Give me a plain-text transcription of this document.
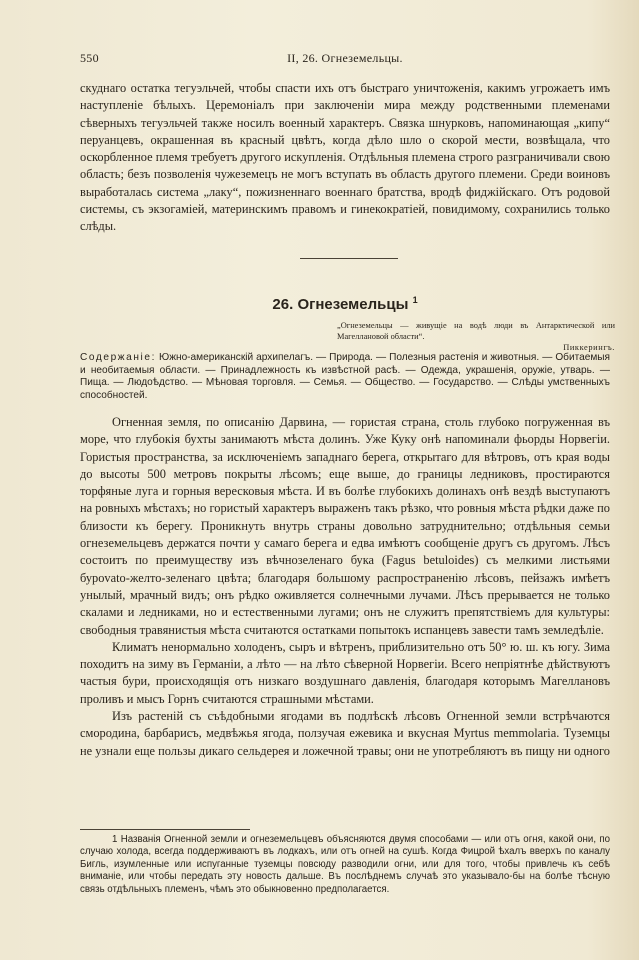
550	II, 26. Огнеземельцы.

скуднаго остатка тегуэльчей, чтобы спасти ихъ отъ быстраго уничтоженія, какимъ угрожаетъ имъ наступленіе бѣлыхъ. Церемоніалъ при заключеніи мира между родственными племенами сѣверныхъ тегуэльчей также носилъ военный характеръ. Связка шнурковъ, напоминающая „кипу“ перуанцевъ, окрашенная въ красный цвѣтъ, когда дѣло шло о скорой мести, возвѣщала, что оскорбленное племя требуетъ другого искупленія. Отдѣльныя племена строго разграничивали свою область; безъ позволенія чужеземецъ не могъ вступать въ область другого племени. Среди воиновъ выработалась система „лаку“, пожизненнаго военнаго братства, вродѣ фиджійскаго. Отъ родовой системы, съ экзогаміей, материнскимъ правомъ и гинекократіей, повидимому, сохранились только слѣды.

26. Огнеземельцы $^1$
„Огнеземельцы — живущіе на водѣ люди въ Антарктической или Магеллановой области“.
Пиккерингъ.
Содержаніе: Южно-американскій архипелагъ. — Природа. — Полезныя растенія и животныя. — Обитаемыя и необитаемыя области. — Принадлежность къ извѣстной расѣ. — Одежда, украшенія, оружіе, утварь. — Пища. — Людоѣдство. — Мѣновая торговля. — Семья. — Общество. — Государство. — Слѣды умственныхъ способностей.

Огненная земля, по описанію Дарвина, — гористая страна, столь глубоко погруженная въ море, что глубокія бухты занимаютъ мѣста долинъ. Уже Куку онѣ напоминали фьорды Норвегіи. Гористыя пространства, за исключеніемъ западнаго берега, открытаго для вѣтровъ, отъ края воды до высоты 500 метровъ покрыты лѣсомъ; еще выше, до границы ледниковъ, простираются торфяные луга и горныя вересковыя мѣста. И въ болѣе глубокихъ долинахъ онѣ вездѣ выступаютъ на ровныхъ мѣстахъ; но гористый характеръ выраженъ такъ рѣзко, что ровныя мѣста рѣдки даже по близости къ берегу. Проникнуть внутрь страны довольно затруднительно; отдѣльныя семьи огнеземельцевъ держатся почти у самаго берега и едва имѣютъ сообщеніе другъ съ другомъ. Лѣсъ состоитъ по преимуществу изъ вѣчнозеленаго бука (Fagus betuloides) съ мелкими листьями бурovato-желто-зеленаго цвѣта; благодаря большому распространенію лѣсовъ, пейзажъ имѣетъ унылый, мрачный видъ; онъ рѣдко оживляется солнечными лучами. Лѣсъ прерывается не только скалами и ледниками, но и естественными лугами; онъ не служитъ препятствіемъ для культуры: свободныя травянистыя мѣста считаются остатками попытокъ испанцевъ завести тамъ земледѣліе.

Климатъ ненормально холоденъ, сыръ и вѣтренъ, приблизительно отъ 50° ю. ш. къ югу. Зима походитъ на зиму въ Германіи, а лѣто — на лѣто сѣверной Норвегіи. Всего непріятнѣе дѣйствуютъ частыя бури, происходящія отъ низкаго воздушнаго давленія, благодаря которымъ Магеллановъ проливъ и мысъ Горнъ считаются страшными мѣстами.

Изъ растеній съ съѣдобными ягодами въ подлѣскѣ лѣсовъ Огненной земли встрѣчаются смородина, барбарисъ, медвѣжья ягода, ползучая ежевика и вкусная Myrtus memmolaria. Туземцы не узнали еще пользы дикаго сельдерея и ложечной травы; они не употребляютъ въ пищу ни одного

1 Названія Огненной земли и огнеземельцевъ объясняются двумя способами — или отъ огня, какой они, по случаю холода, всегда поддерживаютъ въ лодкахъ, или отъ огней на сушѣ. Когда Фицрой ѣхалъ вверхъ по каналу Бигль, изумленные или испуганные туземцы повсюду разводили огни, или для того, чтобы привлечь къ себѣ вниманіе, или чтобы передать эту новость дальше. Въ послѣднемъ случаѣ это указывало-бы на болѣе тѣсную связь отдѣльныхъ племенъ, чѣмъ это обыкновенно предполагается.
